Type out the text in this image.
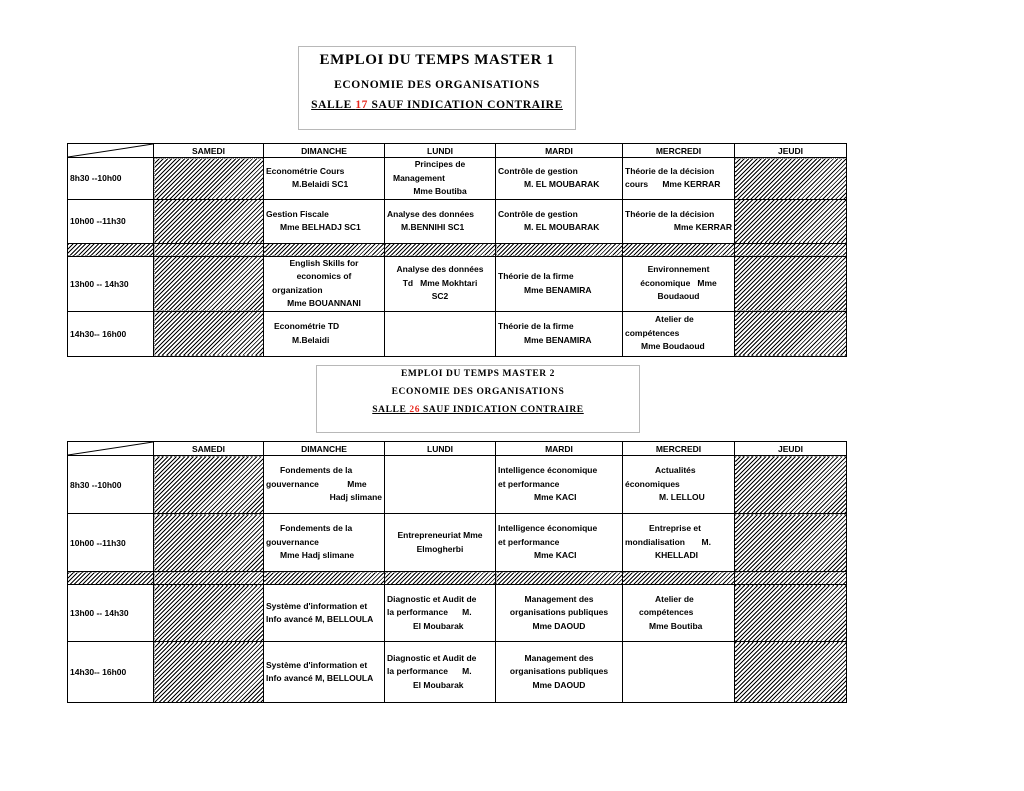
EMPLOI DU TEMPS MASTER 1
ECONOMIE DES ORGANISATIONS
SALLE 17 SAUF INDICATION CONTRAIRE
	SAMEDI	DIMANCHE	LUNDI	MARDI	MERCREDI	JEUDI
8h30 --10h00		Econométrie Cours
M.Belaidi SC1	Principes de
Management
Mme Boutiba	Contrôle de gestion
M. EL MOUBARAK	Théorie de la décision
cours      Mme KERRAR	

10h00 --11h30		Gestion Fiscale
Mme BELHADJ SC1	Analyse des données
M.BENNIHI SC1	Contrôle de gestion
M. EL MOUBARAK	Théorie de la décision
Mme KERRAR	

13h00 -- 14h30		English Skills for
economics of
organization
Mme BOUANNANI	Analyse des données
Td   Mme Mokhtari
SC2	Théorie de la firme
Mme BENAMIRA	Environnement
économique   Mme
Boudaoud	

14h30-- 16h00		Econométrie TD
M.Belaidi		Théorie de la firme
Mme BENAMIRA	Atelier de
compétences
Mme Boudaoud	

EMPLOI DU TEMPS MASTER 2
ECONOMIE DES ORGANISATIONS
SALLE 26 SAUF INDICATION CONTRAIRE
	SAMEDI	DIMANCHE	LUNDI	MARDI	MERCREDI	JEUDI
8h30 --10h00		Fondements de la
gouvernance            Mme
Hadj slimane		Intelligence économique
et performance
Mme KACI	Actualités
économiques
M. LELLOU	

10h00 --11h30		Fondements de la
gouvernance
Mme Hadj slimane	Entrepreneuriat Mme
Elmogherbi	Intelligence économique
et performance
Mme KACI	Entreprise et
mondialisation       M.
KHELLADI	

13h00 -- 14h30		Système d'information et
Info avancé M, BELLOULA	Diagnostic et Audit de
la performance      M.
El Moubarak	Management des
organisations publiques
Mme DAOUD	Atelier de
compétences
Mme Boutiba	

14h30-- 16h00		Système d'information et
Info avancé M, BELLOULA	Diagnostic et Audit de
la performance      M.
El Moubarak	Management des
organisations publiques
Mme DAOUD		
